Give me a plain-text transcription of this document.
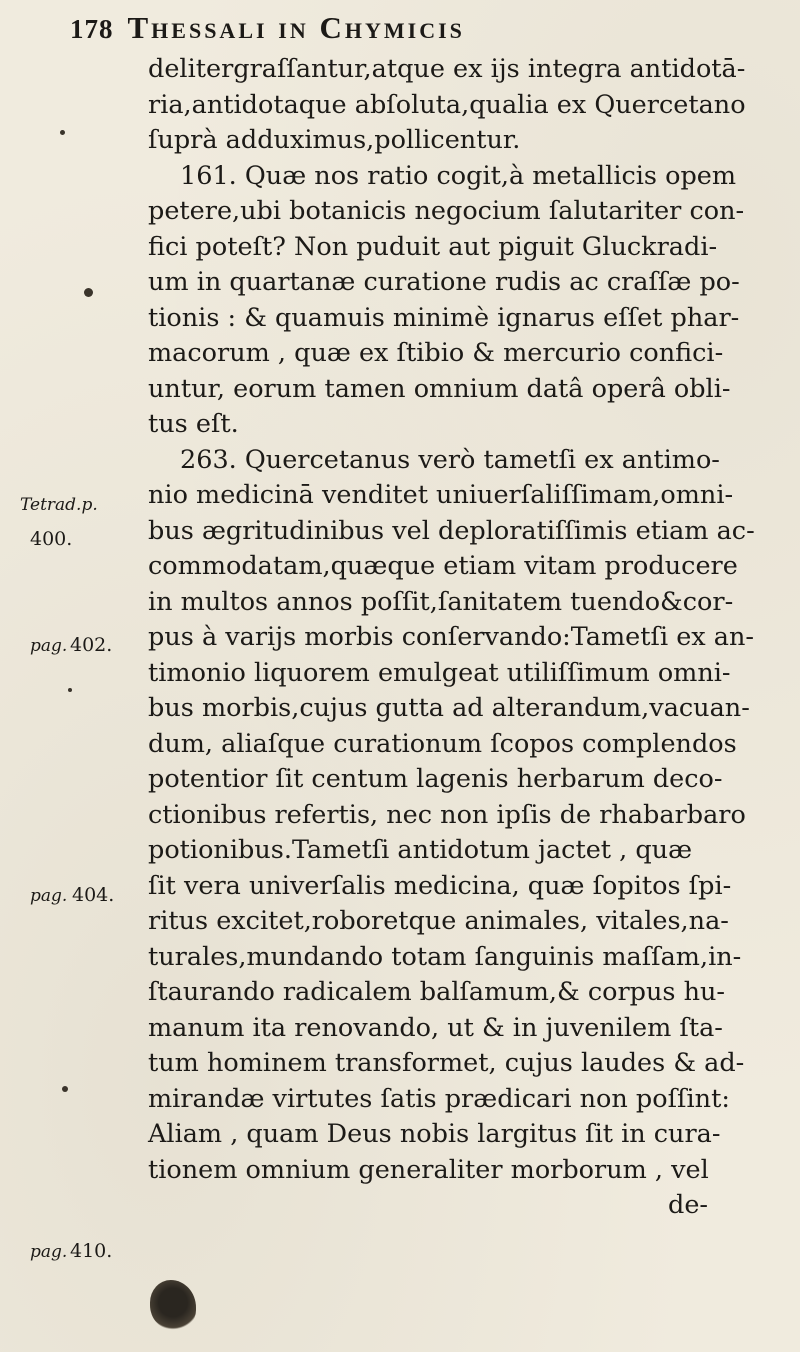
178 Thessali in Chymicis
Tetrad.p.
400.
pag. 402.
pag. 404.
pag. 410.
delitergraſſantur,atque ex ijs integra antidotā-
ria,antidotaque abſoluta,qualia ex Quercetano
ſuprà adduximus,pollicentur.
161. Quæ nos ratio cogit,à metallicis opem
petere,ubi botanicis negocium ſalutariter con-
fici poteſt? Non puduit aut piguit Gluckradi-
um in quartanæ curatione rudis ac craſſæ po-
tionis : & quamuis minimè ignarus eſſet phar-
macorum , quæ ex ſtibio & mercurio confici-
untur, eorum tamen omnium datâ operâ obli-
tus eſt.
263. Quercetanus verò tametſi ex antimo-
nio medicinā venditet uniuerſaliſſimam,omni-
bus ægritudinibus vel deploratiſſimis etiam ac-
commodatam,quæque etiam vitam producere
in multos annos poſſit,ſanitatem tuendo&cor-
pus à varijs morbis conſervando:Tametſi ex an-
timonio liquorem emulgeat utiliſſimum omni-
bus morbis,cujus gutta ad alterandum,vacuan-
dum, aliaſque curationum ſcopos complendos
potentior ſit centum lagenis herbarum deco-
ctionibus refertis, nec non ipſis de rhabarbaro
potionibus.Tametſi antidotum jactet , quæ
ſit vera univerſalis medicina, quæ ſopitos ſpi-
ritus excitet,roboretque animales, vitales,na-
turales,mundando totam ſanguinis maſſam,in-
ſtaurando radicalem balſamum,& corpus hu-
manum ita renovando, ut & in juvenilem ſta-
tum hominem transformet, cujus laudes & ad-
mirandæ virtutes ſatis prædicari non poſſint:
Aliam , quam Deus nobis largitus ſit in cura-
tionem omnium generaliter morborum , vel
de-
